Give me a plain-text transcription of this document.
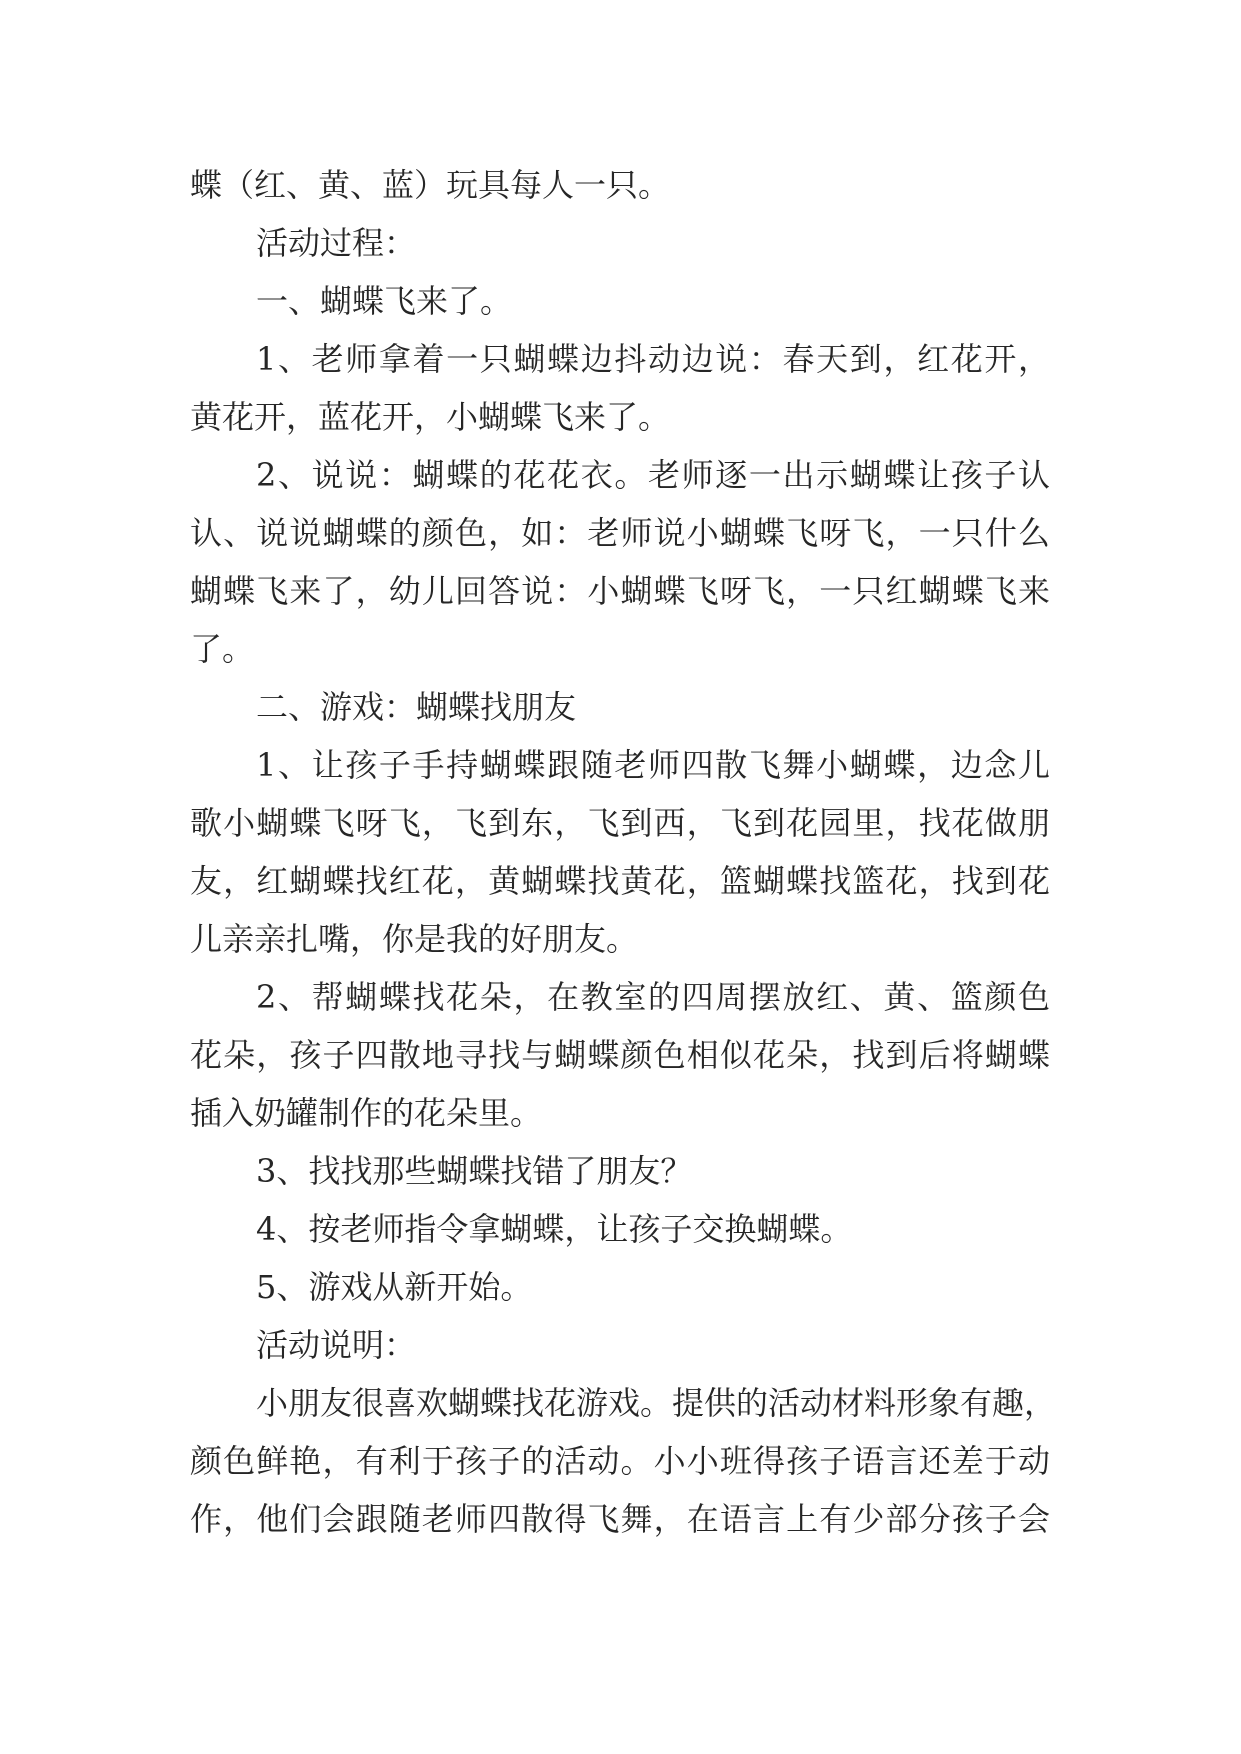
蝶（红、黄、蓝）玩具每人一只。
活动过程：
一、蝴蝶飞来了。
1、老师拿着一只蝴蝶边抖动边说：春天到，红花开，
黄花开，蓝花开，小蝴蝶飞来了。
2、说说：蝴蝶的花花衣。老师逐一出示蝴蝶让孩子认
认、说说蝴蝶的颜色，如：老师说小蝴蝶飞呀飞，一只什么
蝴蝶飞来了，幼儿回答说：小蝴蝶飞呀飞，一只红蝴蝶飞来
了。
二、游戏：蝴蝶找朋友
1、让孩子手持蝴蝶跟随老师四散飞舞小蝴蝶，边念儿
歌小蝴蝶飞呀飞，飞到东，飞到西，飞到花园里，找花做朋
友，红蝴蝶找红花，黄蝴蝶找黄花，篮蝴蝶找篮花，找到花
儿亲亲扎嘴，你是我的好朋友。
2、帮蝴蝶找花朵，在教室的四周摆放红、黄、篮颜色
花朵，孩子四散地寻找与蝴蝶颜色相似花朵，找到后将蝴蝶
插入奶罐制作的花朵里。
3、找找那些蝴蝶找错了朋友？
4、按老师指令拿蝴蝶，让孩子交换蝴蝶。
5、游戏从新开始。
活动说明：
小朋友很喜欢蝴蝶找花游戏。提供的活动材料形象有趣，
颜色鲜艳，有利于孩子的活动。小小班得孩子语言还差于动
作，他们会跟随老师四散得飞舞，在语言上有少部分孩子会
